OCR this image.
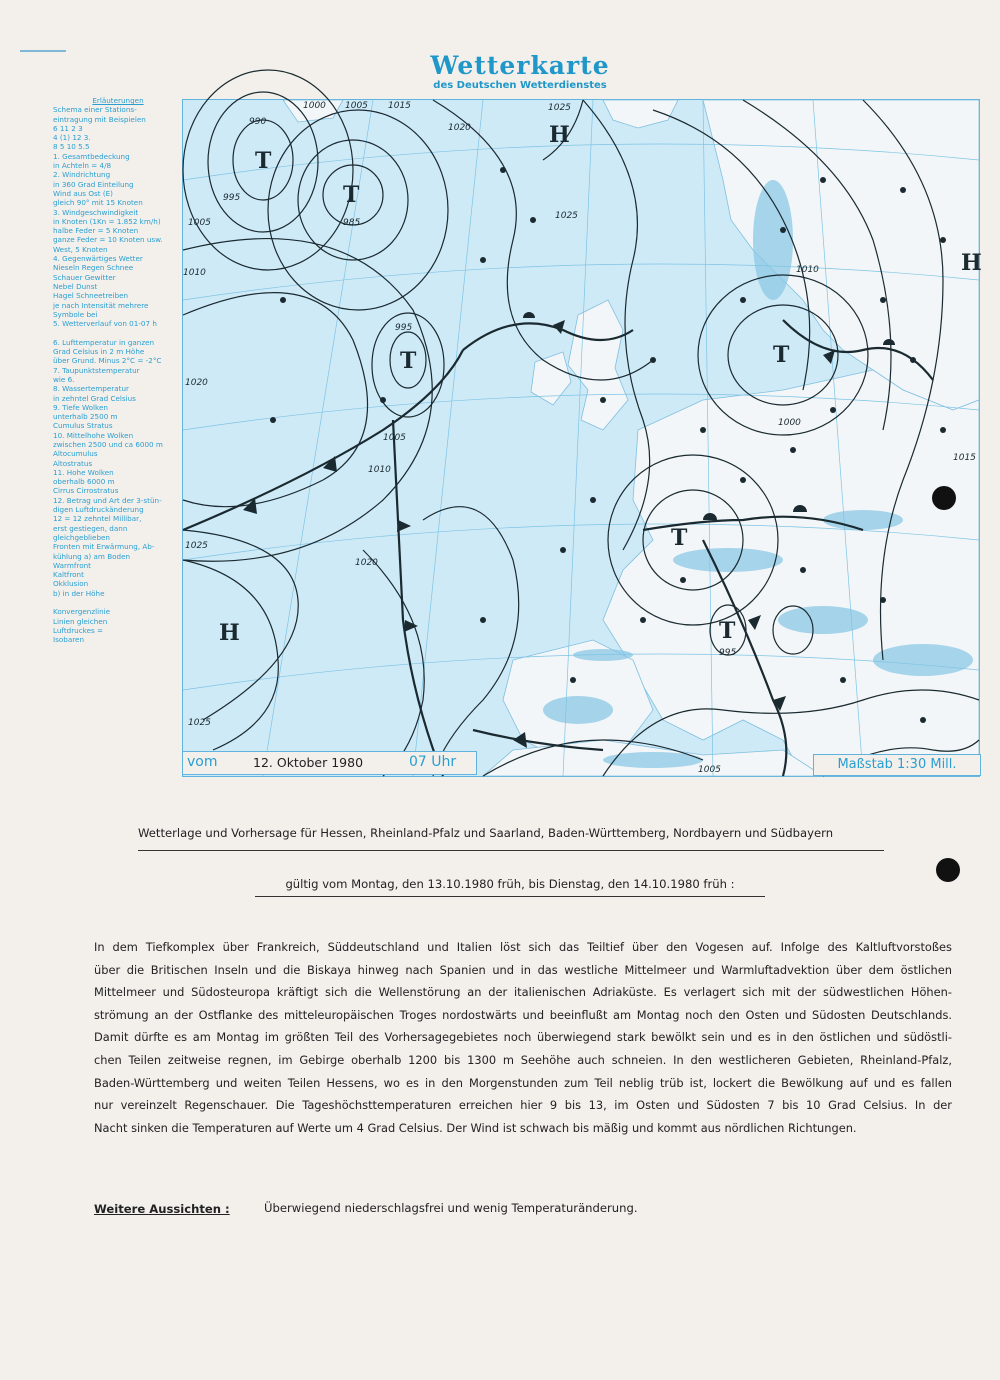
Wetterkarte
des Deutschen Wetterdienstes
Erläuterungen
Schema einer Stations-
eintragung mit Beispielen
6 11 2 3
4 (1) 12 3.
8 5 10 5.5
1. Gesamtbedeckung
in Achteln = 4/8
2. Windrichtung
in 360 Grad Einteilung
Wind aus Ost (E)
gleich 90° mit 15 Knoten
3. Windgeschwindigkeit
in Knoten (1Kn = 1.852 km/h)
halbe Feder = 5 Knoten
ganze Feder = 10 Knoten usw.
West, 5 Knoten
4. Gegenwärtiges Wetter
Nieseln Regen Schnee
Schauer Gewitter
Nebel Dunst
Hagel Schneetreiben
je nach Intensität mehrere
Symbole bei
5. Wetterverlauf von 01-07 h

6. Lufttemperatur in ganzen
Grad Celsius in 2 m Höhe
über Grund. Minus 2°C = -2°C
7. Taupunktstemperatur
wie 6.
8. Wassertemperatur
in zehntel Grad Celsius
9. Tiefe Wolken
unterhalb 2500 m
Cumulus Stratus
10. Mittelhohe Wolken
zwischen 2500 und ca 6000 m
Altocumulus
Altostratus
11. Hohe Wolken
oberhalb 6000 m
Cirrus Cirrostratus
12. Betrag und Art der 3-stün-
digen Luftdruckänderung
12 = 12 zehntel Millibar,
erst gestiegen, dann
gleichgeblieben
Fronten mit Erwärmung, Ab-
kühlung a) am Boden
Warmfront
Kaltfront
Okklusion
b) in der Höhe

Konvergenzlinie
Linien gleichen
Luftdruckes =
Isobaren
T
T
T	T
T
T
H
H
H
1000 1005 1015	1025
990
995
985
1020
1010
1005
1020
1025
1025
1020
1010
1000
995
1005
1010
1015
995
1005
1025
vom	12. Oktober 1980	07 Uhr	Maßstab 1:30 Mill.
Wetterlage und Vorhersage für Hessen, Rheinland-Pfalz und Saarland, Baden-Württemberg, Nordbayern und Südbayern
gültig vom Montag, den 13.10.1980 früh, bis Dienstag, den 14.10.1980 früh :

In dem Tiefkomplex über Frankreich, Süddeutschland und Italien löst sich das Teiltief über den Vogesen auf. Infolge des Kaltluftvorstoßes

über die Britischen Inseln und die Biskaya hinweg nach Spanien und in das westliche Mittelmeer und Warmluftadvektion über dem östlichen

Mittelmeer und Südosteuropa kräftigt sich die Wellenstörung an der italienischen Adriaküste. Es verlagert sich mit der südwestlichen Höhen-

strömung an der Ostflanke des mitteleuropäischen Troges nordostwärts und beeinflußt am Montag noch den Osten und Südosten Deutschlands.

Damit dürfte es am Montag im größten Teil des Vorhersagegebietes noch überwiegend stark bewölkt sein und es in den östlichen und südöstli-

chen Teilen zeitweise regnen, im Gebirge oberhalb 1200 bis 1300 m Seehöhe auch schneien. In den westlicheren Gebieten, Rheinland-Pfalz,

Baden-Württemberg und weiten Teilen Hessens, wo es in den Morgenstunden zum Teil neblig trüb ist, lockert die Bewölkung auf und es fallen

nur vereinzelt Regenschauer. Die Tageshöchsttemperaturen erreichen hier 9 bis 13, im Osten und Südosten 7 bis 10 Grad Celsius. In der

Nacht sinken die Temperaturen auf Werte um 4 Grad Celsius. Der Wind ist schwach bis mäßig und kommt aus nördlichen Richtungen.

Weitere Aussichten :	Überwiegend niederschlagsfrei und wenig Temperaturänderung.
